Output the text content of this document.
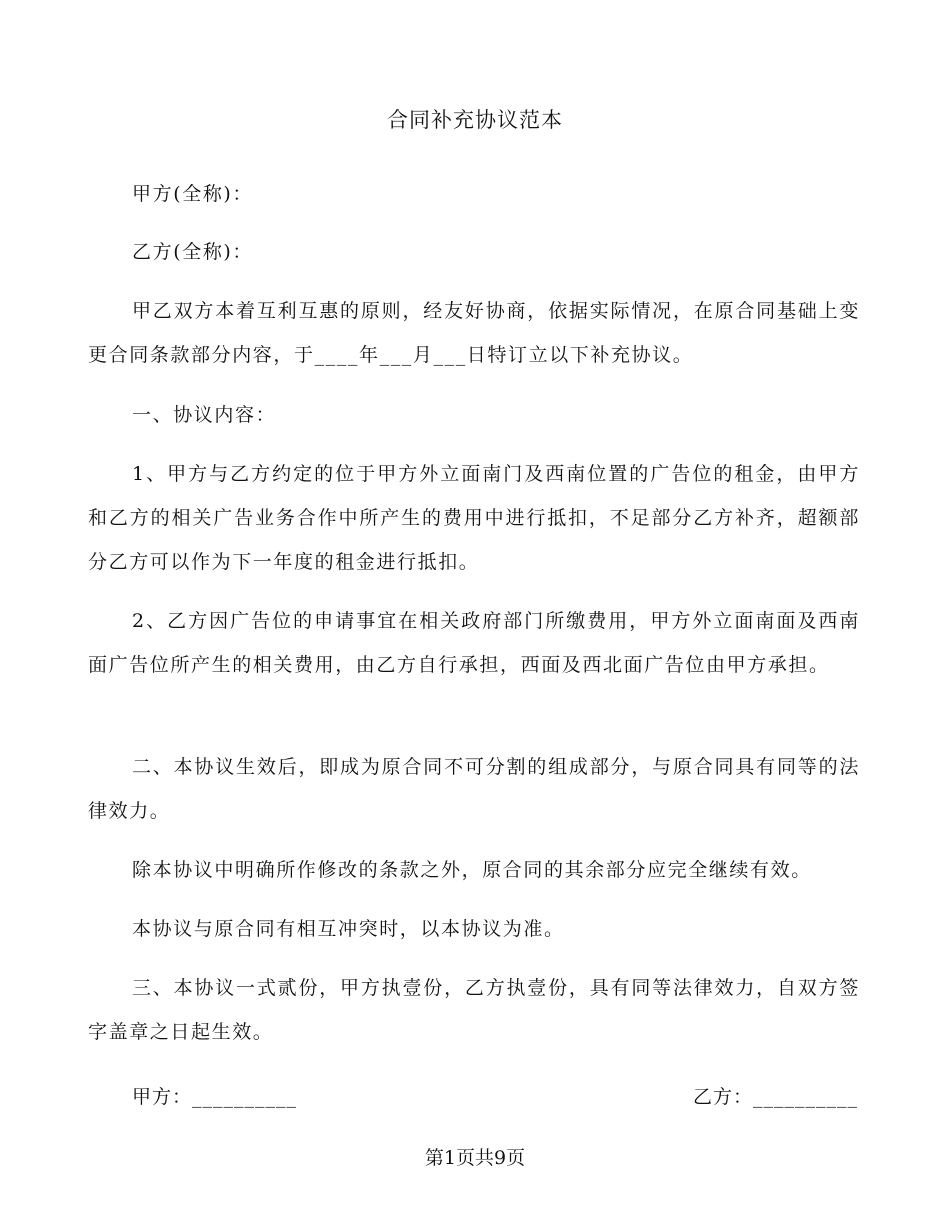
合同补充协议范本

甲方(全称)：

乙方(全称)：

甲乙双方本着互利互惠的原则，经友好协商，依据实际情况，在原合同基础上变更合同条款部分内容，于____年___月___日特订立以下补充协议。

一、协议内容：

1、甲方与乙方约定的位于甲方外立面南门及西南位置的广告位的租金，由甲方和乙方的相关广告业务合作中所产生的费用中进行抵扣，不足部分乙方补齐，超额部分乙方可以作为下一年度的租金进行抵扣。

2、乙方因广告位的申请事宜在相关政府部门所缴费用，甲方外立面南面及西南面广告位所产生的相关费用，由乙方自行承担，西面及西北面广告位由甲方承担。

二、本协议生效后，即成为原合同不可分割的组成部分，与原合同具有同等的法律效力。

除本协议中明确所作修改的条款之外，原合同的其余部分应完全继续有效。

本协议与原合同有相互冲突时，以本协议为准。

三、本协议一式贰份，甲方执壹份，乙方执壹份，具有同等法律效力，自双方签字盖章之日起生效。

甲方：__________	乙方：__________
第1页共9页
